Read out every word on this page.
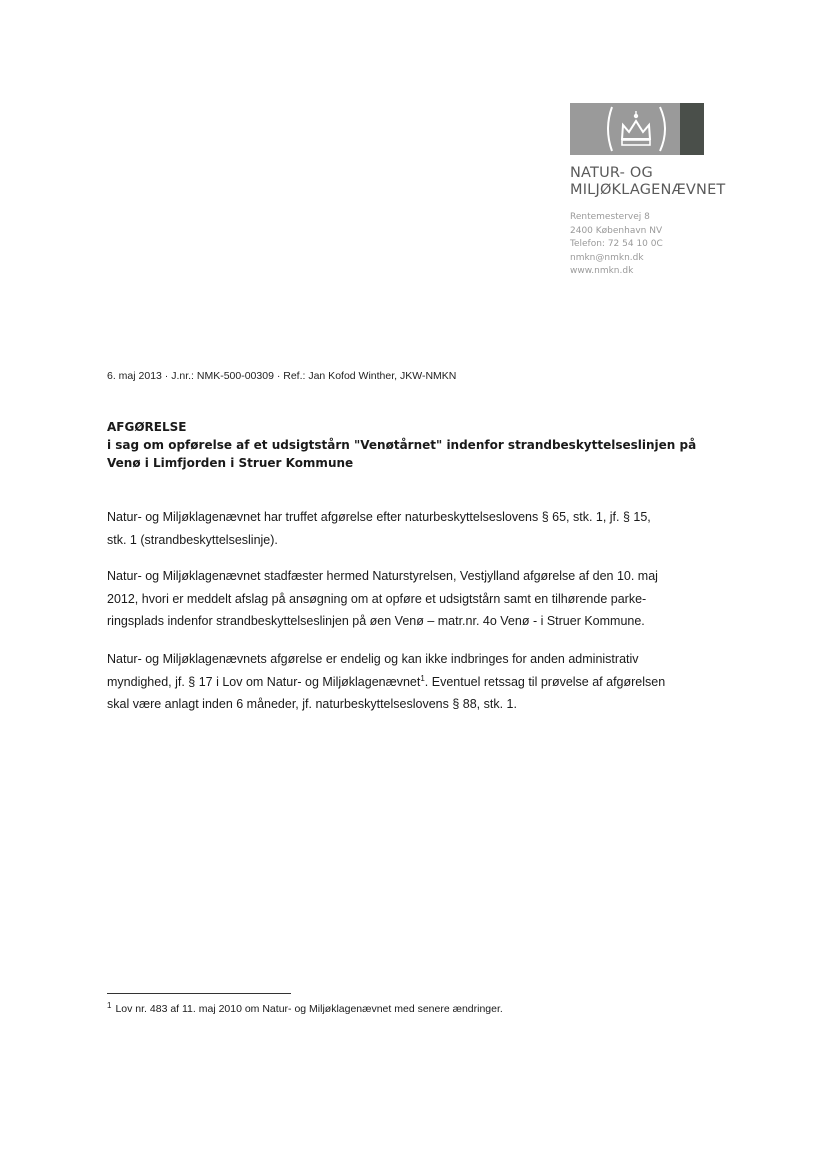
NATUR- OG
MILJØKLAGENÆVNET
Rentemestervej 8
2400 København NV
Telefon: 72 54 10 0C
nmkn@nmkn.dk
www.nmkn.dk
6. maj 2013 · J.nr.: NMK-500-00309 · Ref.: Jan Kofod Winther, JKW-NMKN
AFGØRELSE
i sag om opførelse af et udsigtstårn "Venøtårnet" indenfor strandbeskyttelseslinjen på
Venø i Limfjorden i Struer Kommune
Natur- og Miljøklagenævnet har truffet afgørelse efter naturbeskyttelseslovens § 65, stk. 1, jf. § 15,
stk. 1 (strandbeskyttelseslinje).
Natur- og Miljøklagenævnet stadfæster hermed Naturstyrelsen, Vestjylland afgørelse af den 10. maj
2012, hvori er meddelt afslag på ansøgning om at opføre et udsigtstårn samt en tilhørende parke-
ringsplads indenfor strandbeskyttelseslinjen på øen Venø – matr.nr. 4o Venø - i Struer Kommune.
Natur- og Miljøklagenævnets afgørelse er endelig og kan ikke indbringes for anden administrativ
myndighed, jf. § 17 i Lov om Natur- og Miljøklagenævnet$^1$. Eventuel retssag til prøvelse af afgørelsen
skal være anlagt inden 6 måneder, jf. naturbeskyttelseslovens § 88, stk. 1.
$^1$ Lov nr. 483 af 11. maj 2010 om Natur- og Miljøklagenævnet med senere ændringer.
